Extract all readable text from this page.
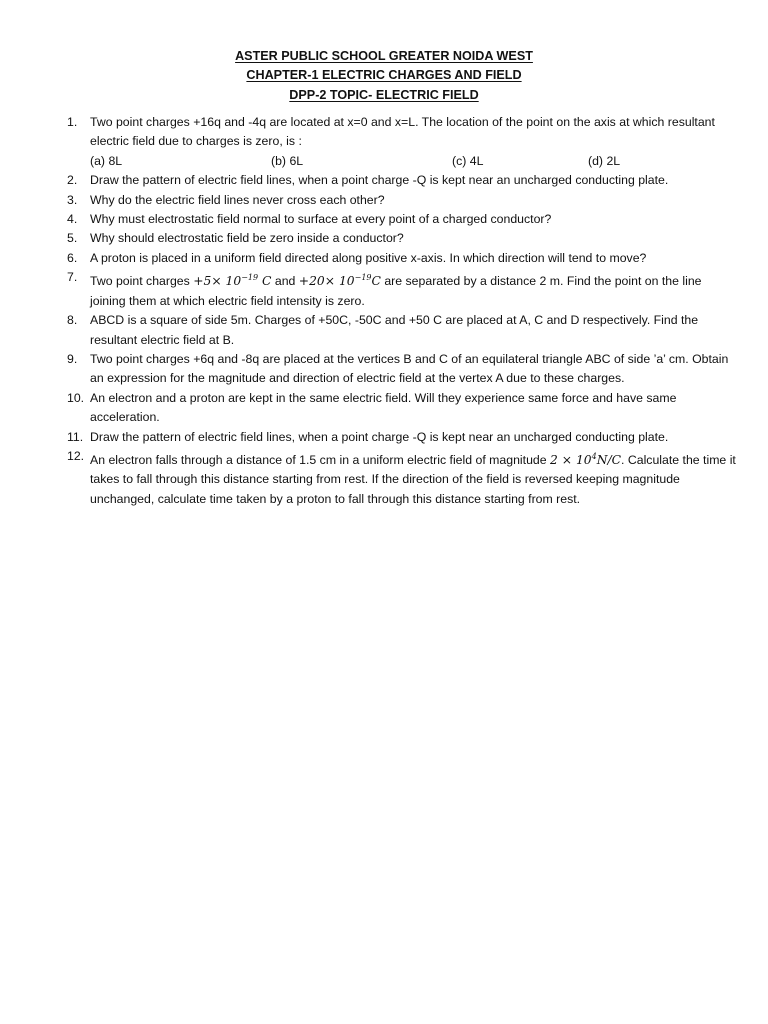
ASTER PUBLIC SCHOOL GREATER NOIDA WEST
CHAPTER-1 ELECTRIC CHARGES AND FIELD
DPP-2 TOPIC- ELECTRIC FIELD
1.	Two point charges +16q and -4q are located at x=0 and x=L. The location of the point on the axis at which resultant electric field due to charges is zero, is :
(a) 8L	(b) 6L	(c) 4L	(d) 2L
2.	Draw the pattern of electric field lines, when a point charge -Q is kept near an uncharged conducting plate.
3.	Why do the electric field lines never cross each other?
4.	Why must electrostatic field normal to surface at every point of a charged conductor?
5.	Why should electrostatic field be zero inside a conductor?
6.	A proton is placed in a uniform field directed along positive x-axis. In which direction will tend to move?
7.	Two point charges $+5\times 10^{-19}$ C and $+20\times 10^{-19}C$ are separated by a distance 2 m. Find the point on the line joining them at which electric field intensity is zero.
8.	ABCD is a square of side 5m. Charges of +50C, -50C and +50 C are placed at A, C and D respectively. Find the resultant electric field at B.
9.	Two point charges +6q and -8q are placed at the vertices B and C of an equilateral triangle ABC of side ’a’ cm. Obtain an expression for the magnitude and direction of electric field at the vertex A due to these charges.
10. An electron and a proton are kept in the same electric field. Will they experience same force and have same acceleration.
11. Draw the pattern of electric field lines, when a point charge -Q is kept near an uncharged conducting plate.
12. An electron falls through a distance of 1.5 cm in a uniform electric field of magnitude $2 \times 10^4N/C$. Calculate the time it takes to fall through this distance starting from rest. If the direction of the field is reversed keeping magnitude unchanged, calculate time taken by a proton to fall through this distance starting from rest.
